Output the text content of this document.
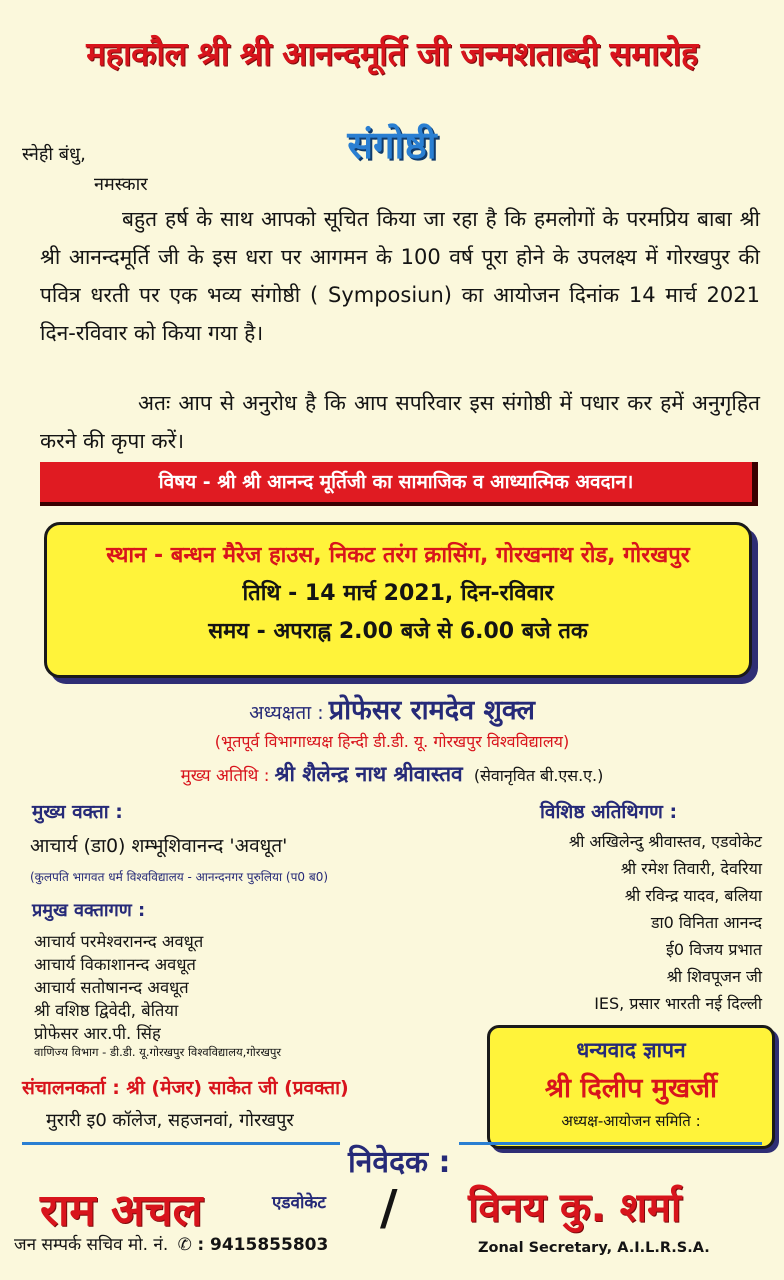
महाकौल श्री श्री आनन्दमूर्ति जी जन्मशताब्दी समारोह
संगोष्ठी
स्नेही बंधु,
नमस्कार
बहुत हर्ष के साथ आपको सूचित किया जा रहा है कि हमलोगों के परमप्रिय बाबा श्री श्री आनन्दमूर्ति जी के इस धरा पर आगमन के 100 वर्ष पूरा होने के उपलक्ष्य में गोरखपुर की पवित्र धरती पर एक भव्य संगोष्ठी ( Symposiun) का आयोजन दिनांक 14 मार्च 2021 दिन-रविवार को किया गया है।
अतः आप से अनुरोध है कि आप सपरिवार इस संगोष्ठी में पधार कर हमें अनुगृहित करने की कृपा करें।
विषय - श्री श्री आनन्द मूर्तिजी का सामाजिक व आध्यात्मिक अवदान।
स्थान - बन्धन मैरेज हाउस, निकट तरंग क्रासिंग, गोरखनाथ रोड, गोरखपुर
तिथि - 14 मार्च 2021, दिन-रविवार
समय - अपराह्न 2.00 बजे से 6.00 बजे तक
अध्यक्षता : प्रोफेसर रामदेव शुक्ल
(भूतपूर्व विभागाध्यक्ष हिन्दी डी.डी. यू. गोरखपुर विश्वविद्यालय)
मुख्य अतिथि : श्री शैलेन्द्र नाथ श्रीवास्तव (सेवानृवित बी.एस.ए.)
मुख्य वक्ता :
आचार्य (डा0) शम्भूशिवानन्द 'अवधूत'
(कुलपति भागवत धर्म विश्वविद्यालय - आनन्दनगर पुरुलिया (प0 ब0)
प्रमुख वक्तागण :
आचार्य परमेश्वरानन्द अवधूत
आचार्य विकाशानन्द अवधूत
आचार्य सतोषानन्द अवधूत
श्री वशिष्ठ द्विवेदी, बेतिया
प्रोफेसर आर.पी. सिंह
वाणिज्य विभाग - डी.डी. यू.गोरखपुर विश्वविद्यालय,गोरखपुर
विशिष्ठ अतिथिगण :
श्री अखिलेन्दु श्रीवास्तव, एडवोकेट
श्री रमेश तिवारी, देवरिया
श्री रविन्द्र यादव, बलिया
डा0 विनिता आनन्द
ई0 विजय प्रभात
श्री शिवपूजन जी
IES, प्रसार भारती नई दिल्ली
संचालनकर्ता : श्री (मेजर) साकेत जी (प्रवक्ता)
मुरारी इ0 कॉलेज, सहजनवां, गोरखपुर
धन्यवाद ज्ञापन
श्री दिलीप मुखर्जी
अध्यक्ष-आयोजन समिति :
निवेदक :
राम अचल	एडवोकेट
जन सम्पर्क सचिव मो. नं. ✆ : 9415855803
/ विनय कु. शर्मा
Zonal Secretary, A.I.L.R.S.A.
